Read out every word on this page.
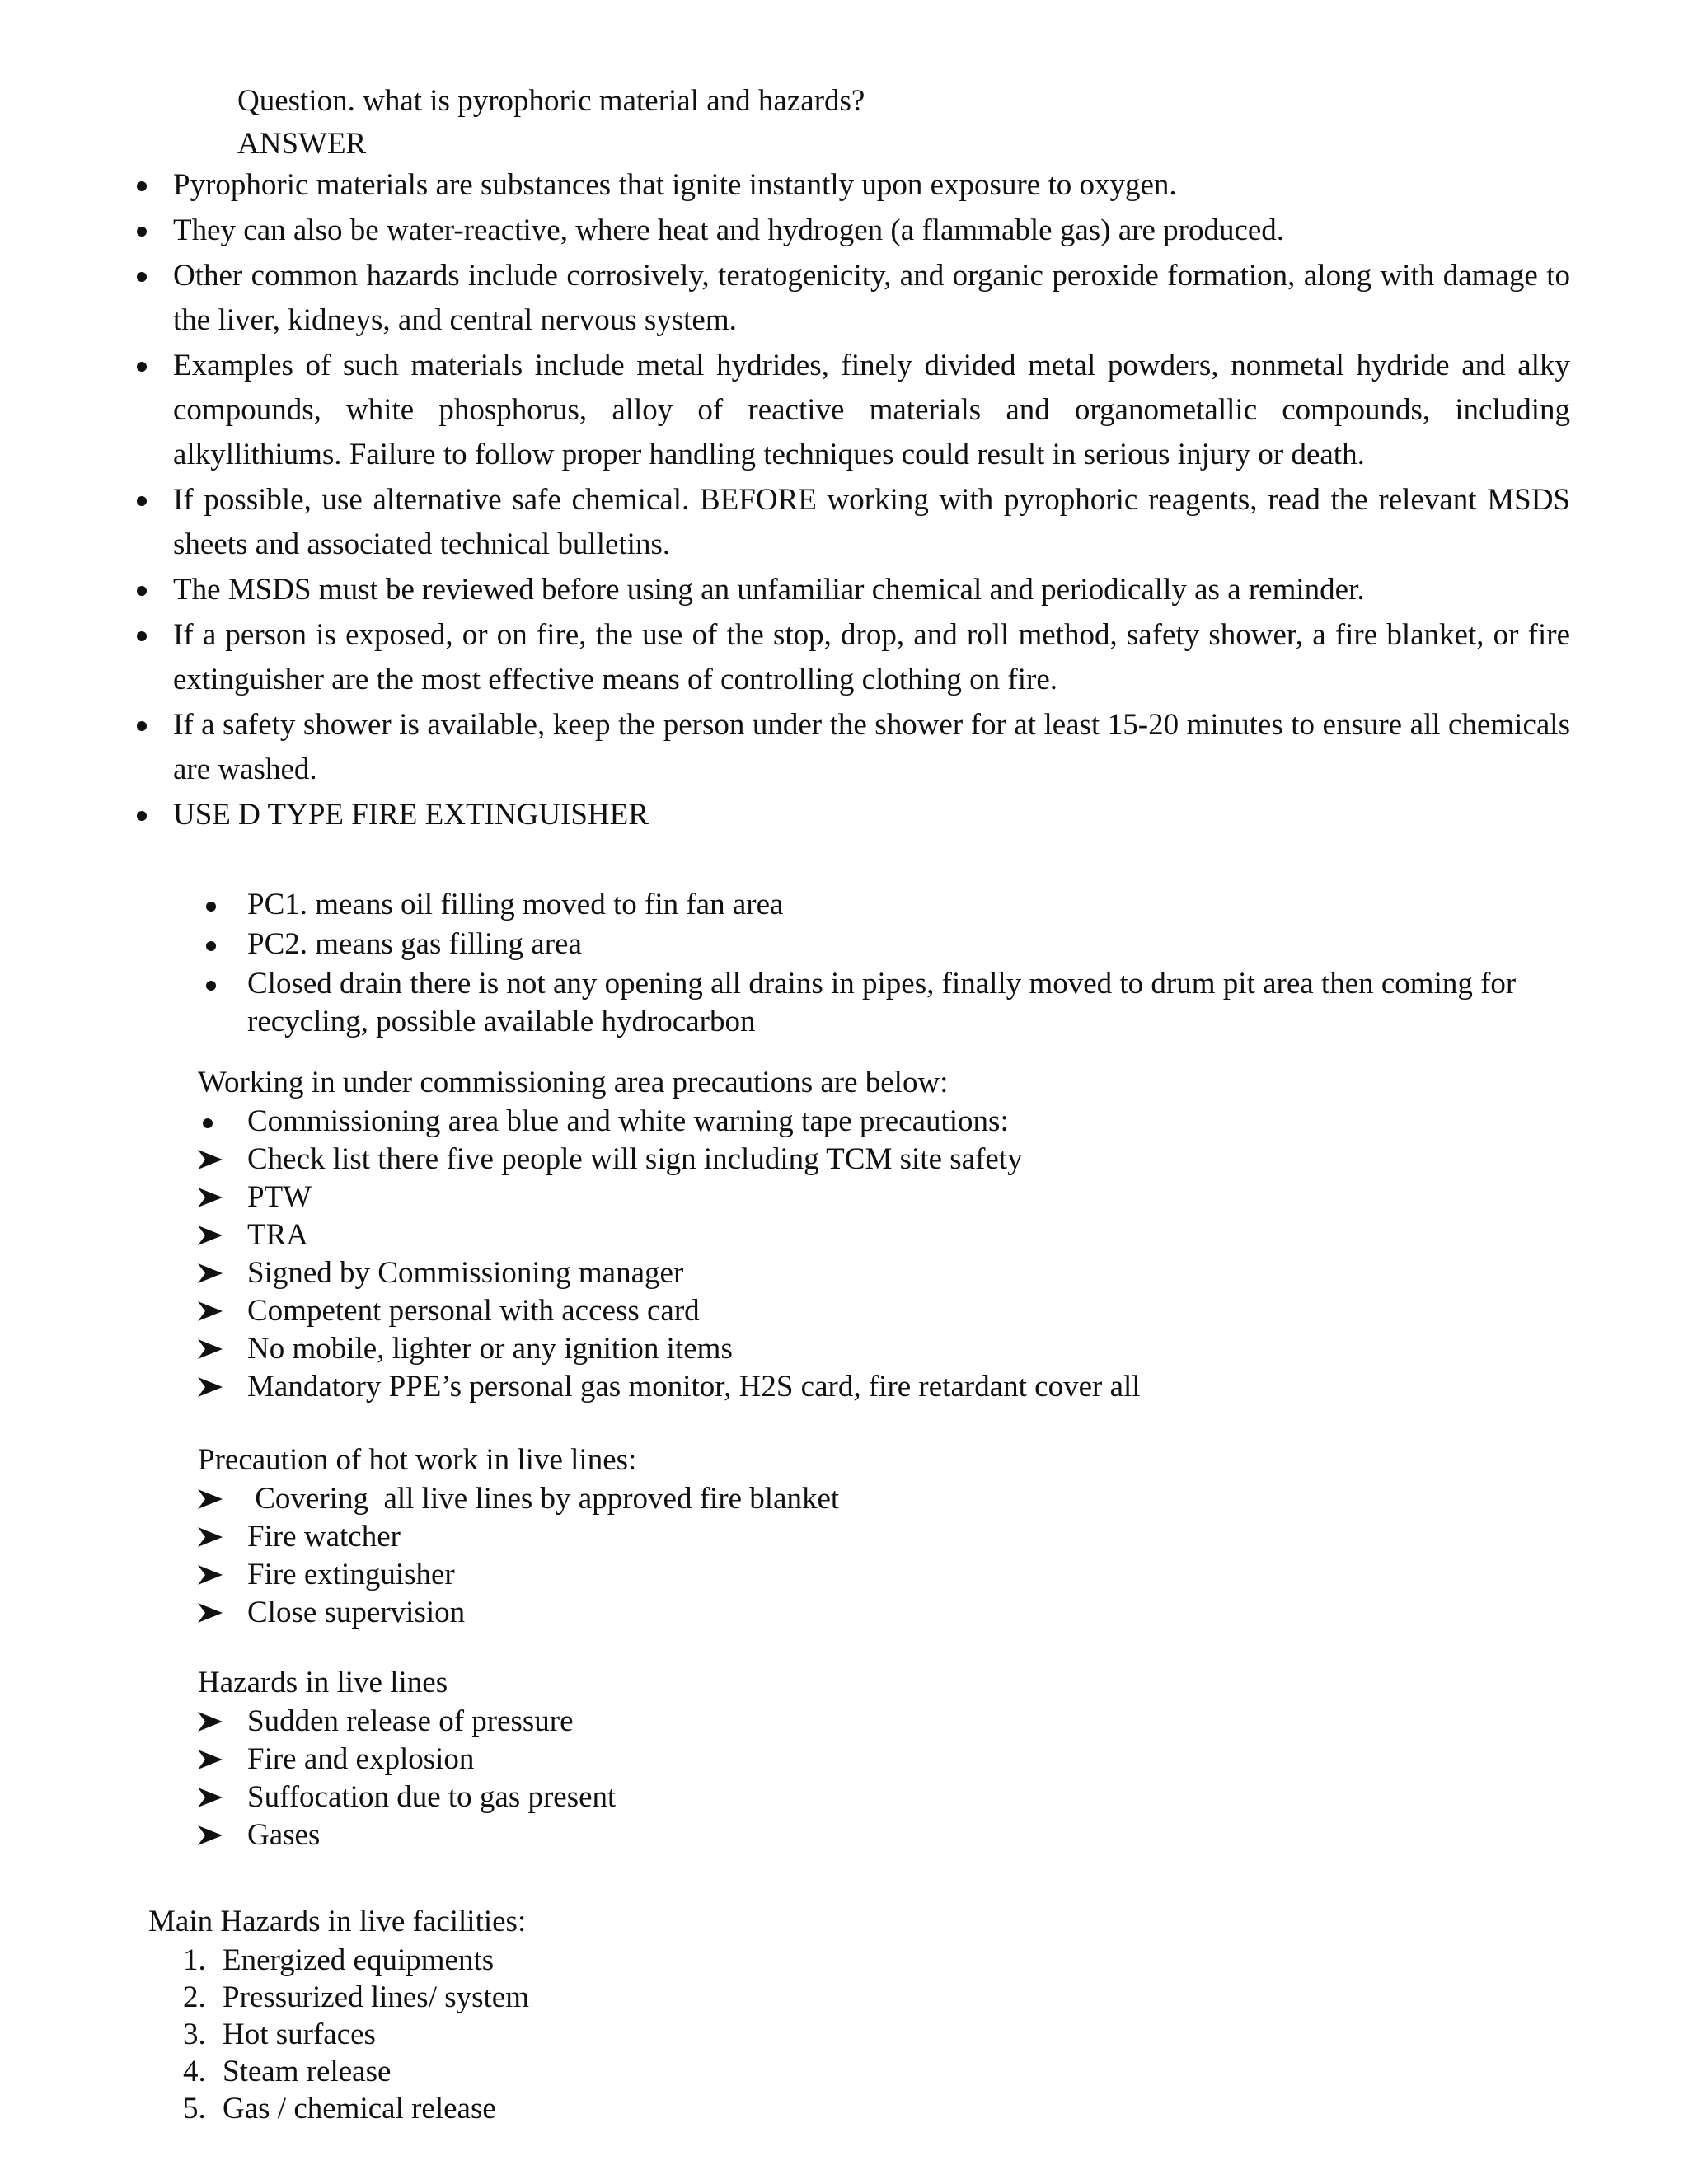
Question. what is pyrophoric material and hazards?

ANSWER

Pyrophoric materials are substances that ignite instantly upon exposure to oxygen.
They can also be water-reactive, where heat and hydrogen (a flammable gas) are produced.
Other common hazards include corrosively, teratogenicity, and organic peroxide formation, along with damage to the liver, kidneys, and central nervous system.
Examples of such materials include metal hydrides, finely divided metal powders, nonmetal hydride and alky compounds, white phosphorus, alloy of reactive materials and organometallic compounds, including alkyllithiums. Failure to follow proper handling techniques could result in serious injury or death.
If possible, use alternative safe chemical. BEFORE working with pyrophoric reagents, read the relevant MSDS sheets and associated technical bulletins.
The MSDS must be reviewed before using an unfamiliar chemical and periodically as a reminder.
If a person is exposed, or on fire, the use of the stop, drop, and roll method, safety shower, a fire blanket, or fire extinguisher are the most effective means of controlling clothing on fire.
If a safety shower is available, keep the person under the shower for at least 15-20 minutes to ensure all chemicals are washed.
USE D TYPE FIRE EXTINGUISHER
PC1. means oil filling moved to fin fan area
PC2. means gas filling area
Closed drain there is not any opening all drains in pipes, finally moved to drum pit area then coming for
recycling, possible available hydrocarbon

Working in under commissioning area precautions are below:

Commissioning area blue and white warning tape precautions:
Check list there five people will sign including TCM site safety
PTW
TRA
Signed by Commissioning manager
Competent personal with access card
No mobile, lighter or any ignition items
Mandatory PPE’s personal gas monitor, H2S card, fire retardant cover all

Precaution of hot work in live lines:

Covering  all live lines by approved fire blanket
Fire watcher
Fire extinguisher
Close supervision

Hazards in live lines

Sudden release of pressure
Fire and explosion
Suffocation due to gas present
Gases

Main Hazards in live facilities:

1. Energized equipments
2. Pressurized lines/ system
3. Hot surfaces
4. Steam release
5. Gas / chemical release
